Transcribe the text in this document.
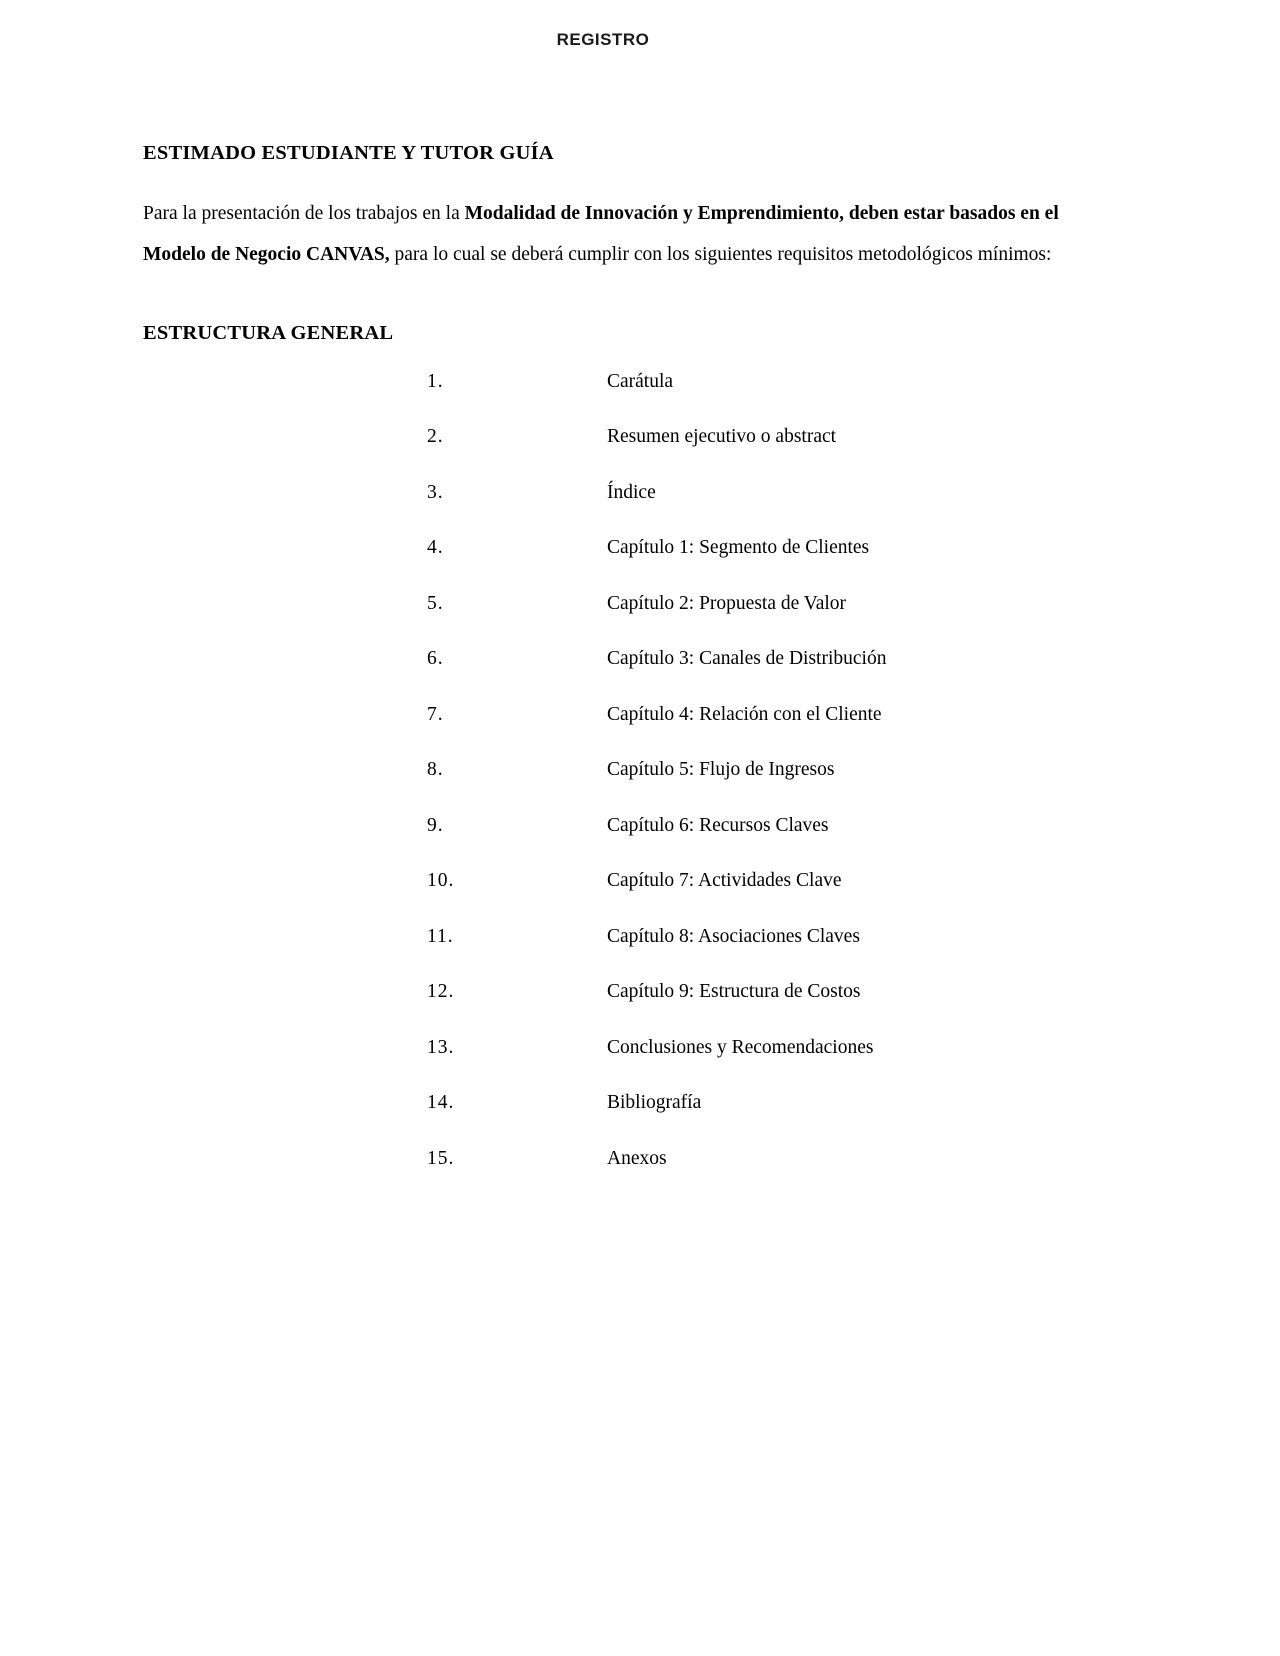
REGISTRO
ESTIMADO ESTUDIANTE Y TUTOR GUÍA

Para la presentación de los trabajos en la Modalidad de Innovación y Emprendimiento, deben estar basados en el Modelo de Negocio CANVAS, para lo cual se deberá cumplir con los siguientes requisitos metodológicos mínimos:

ESTRUCTURA GENERAL
1.	Carátula
2.	Resumen ejecutivo o abstract
3.	Índice
4.	Capítulo 1: Segmento de Clientes
5.	Capítulo 2: Propuesta de Valor
6.	Capítulo 3: Canales de Distribución
7.	Capítulo 4: Relación con el Cliente
8.	Capítulo 5: Flujo de Ingresos
9.	Capítulo 6: Recursos Claves
10.	Capítulo 7: Actividades Clave
11.	Capítulo 8: Asociaciones Claves
12.	Capítulo 9: Estructura de Costos
13.	Conclusiones y Recomendaciones
14.	Bibliografía
15.	Anexos
